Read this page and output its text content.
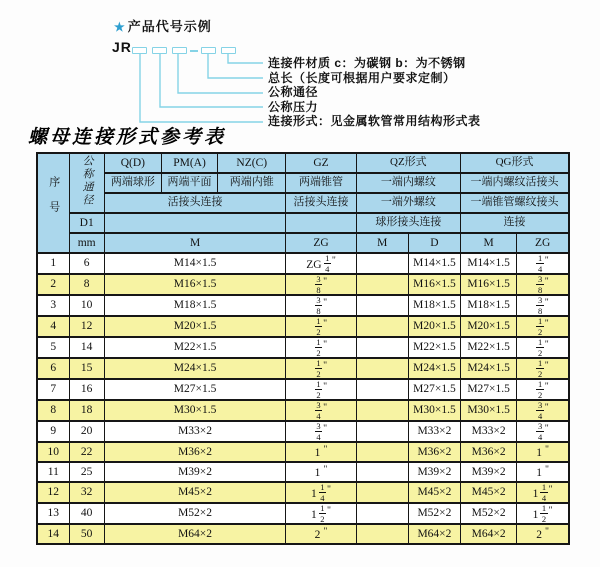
★ 产品代号示例
JR
连接件材质 c：为碳钢 b：为不锈钢
总长（长度可根据用户要求定制）
公称通径
公称压力
连接形式：见金属软管常用结构形式表
螺母连接形式参考表
序号	公称通径	Q(D)	PM(A)	NZ(C)	GZ	QZ形式		QG形式	
		两端球形	两端平面	两端内锥	两端锥管	一端内螺纹		一端内螺纹活接头	
		活接头连接			活接头连接	一端外螺纹		一端锥管螺纹接头	
	D1					球形接头连接		连接	
	mm	M			ZG	M	D	M	ZG
1	6	M14×1.5			ZG $\frac{1}{4} ^"$		M14×1.5	M14×1.5	$\frac{1}{4} ^"$
2	8	M16×1.5			$\frac{3}{8} ^"$		M16×1.5	M16×1.5	$\frac{3}{8} ^"$
3	10	M18×1.5			$\frac{3}{8} ^"$		M18×1.5	M18×1.5	$\frac{3}{8} ^"$
4	12	M20×1.5			$\frac{1}{2} ^"$		M20×1.5	M20×1.5	$\frac{1}{2} ^"$
5	14	M22×1.5			$\frac{1}{2} ^"$		M22×1.5	M22×1.5	$\frac{1}{2} ^"$
6	15	M24×1.5			$\frac{1}{2} ^"$		M24×1.5	M24×1.5	$\frac{1}{2} ^"$
7	16	M27×1.5			$\frac{1}{2} ^"$		M27×1.5	M27×1.5	$\frac{1}{2} ^"$
8	18	M30×1.5			$\frac{3}{4} ^"$		M30×1.5	M30×1.5	$\frac{3}{4} ^"$
9	20	M33×2			$\frac{3}{4} ^"$		M33×2	M33×2	$\frac{3}{4} ^"$
10	22	M36×2			1 "		M36×2	M36×2	1 "
11	25	M39×2			1 "		M39×2	M39×2	1 "
12	32	M45×2			$1 \frac{1}{4} ^"$		M45×2	M45×2	$1 \frac{1}{4} ^"$
13	40	M52×2			$1 \frac{1}{2} ^"$		M52×2	M52×2	$1 \frac{1}{2} ^"$
14	50	M64×2			2 "		M64×2	M64×2	2 "
